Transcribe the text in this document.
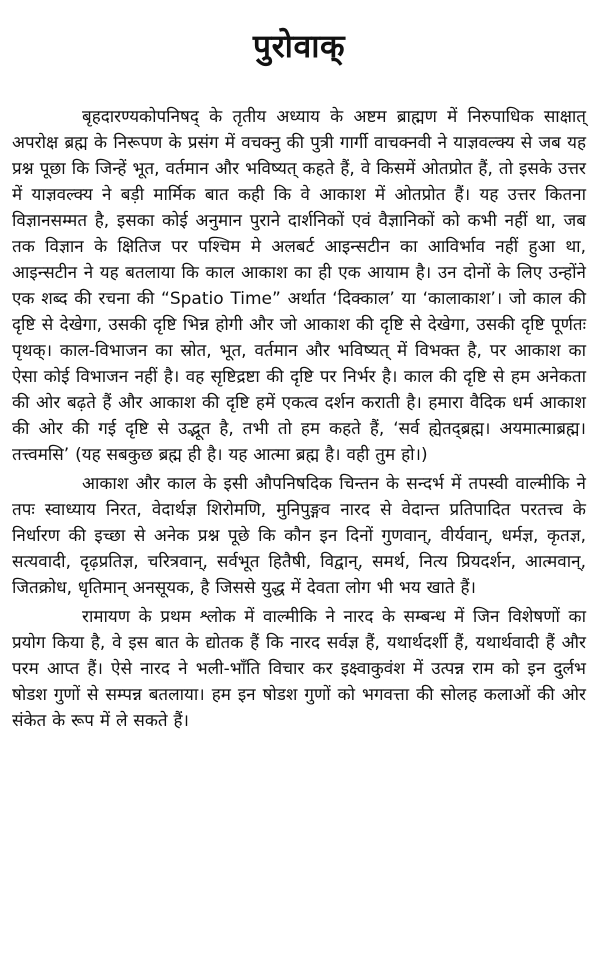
पुरोवाक्

बृहदारण्यकोपनिषद् के तृतीय अध्याय के अष्टम ब्राह्मण में निरुपाधिक साक्षात् अपरोक्ष ब्रह्म के निरूपण के प्रसंग में वचक्नु की पुत्री गार्गी वाचक्नवी ने याज्ञवल्क्य से जब यह प्रश्न पूछा कि जिन्हें भूत, वर्तमान और भविष्यत् कहते हैं, वे किसमें ओतप्रोत हैं, तो इसके उत्तर में याज्ञवल्क्य ने बड़ी मार्मिक बात कही कि वे आकाश में ओतप्रोत हैं। यह उत्तर कितना विज्ञानसम्मत है, इसका कोई अनुमान पुराने दार्शनिकों एवं वैज्ञानिकों को कभी नहीं था, जब तक विज्ञान के क्षितिज पर पश्चिम मे अलबर्ट आइन्सटीन का आविर्भाव नहीं हुआ था, आइन्सटीन ने यह बतलाया कि काल आकाश का ही एक आयाम है। उन दोनों के लिए उन्होंने एक शब्द की रचना की “Spatio Time” अर्थात ‘दिक्काल’ या ‘कालाकाश’। जो काल की दृष्टि से देखेगा, उसकी दृष्टि भिन्न होगी और जो आकाश की दृष्टि से देखेगा, उसकी दृष्टि पूर्णतः पृथक्। काल-विभाजन का स्रोत, भूत, वर्तमान और भविष्यत् में विभक्त है, पर आकाश का ऐसा कोई विभाजन नहीं है। वह सृष्टिद्रष्टा की दृष्टि पर निर्भर है। काल की दृष्टि से हम अनेकता की ओर बढ़ते हैं और आकाश की दृष्टि हमें एकत्व दर्शन कराती है। हमारा वैदिक धर्म आकाश की ओर की गई दृष्टि से उद्भूत है, तभी तो हम कहते हैं, ‘सर्व ह्येतद्ब्रह्म। अयमात्माब्रह्म। तत्त्वमसि’ (यह सबकुछ ब्रह्म ही है। यह आत्मा ब्रह्म है। वही तुम हो।)

आकाश और काल के इसी औपनिषदिक चिन्तन के सन्दर्भ में तपस्वी वाल्मीकि ने तपः स्वाध्याय निरत, वेदार्थज्ञ शिरोमणि, मुनिपुङ्गव नारद से वेदान्त प्रतिपादित परतत्त्व के निर्धारण की इच्छा से अनेक प्रश्न पूछे कि कौन इन दिनों गुणवान्, वीर्यवान्, धर्मज्ञ, कृतज्ञ, सत्यवादी, दृढ़प्रतिज्ञ, चरित्रवान्, सर्वभूत हितैषी, विद्वान्, समर्थ, नित्य प्रियदर्शन, आत्मवान्, जितक्रोध, धृतिमान् अनसूयक, है जिससे युद्ध में देवता लोग भी भय खाते हैं।

रामायण के प्रथम श्लोक में वाल्मीकि ने नारद के सम्बन्ध में जिन विशेषणों का प्रयोग किया है, वे इस बात के द्योतक हैं कि नारद सर्वज्ञ हैं, यथार्थदर्शी हैं, यथार्थवादी हैं और परम आप्त हैं। ऐसे नारद ने भली-भाँति विचार कर इक्ष्वाकुवंश में उत्पन्न राम को इन दुर्लभ षोडश गुणों से सम्पन्न बतलाया। हम इन षोडश गुणों को भगवत्ता की सोलह कलाओं की ओर संकेत के रूप में ले सकते हैं।
